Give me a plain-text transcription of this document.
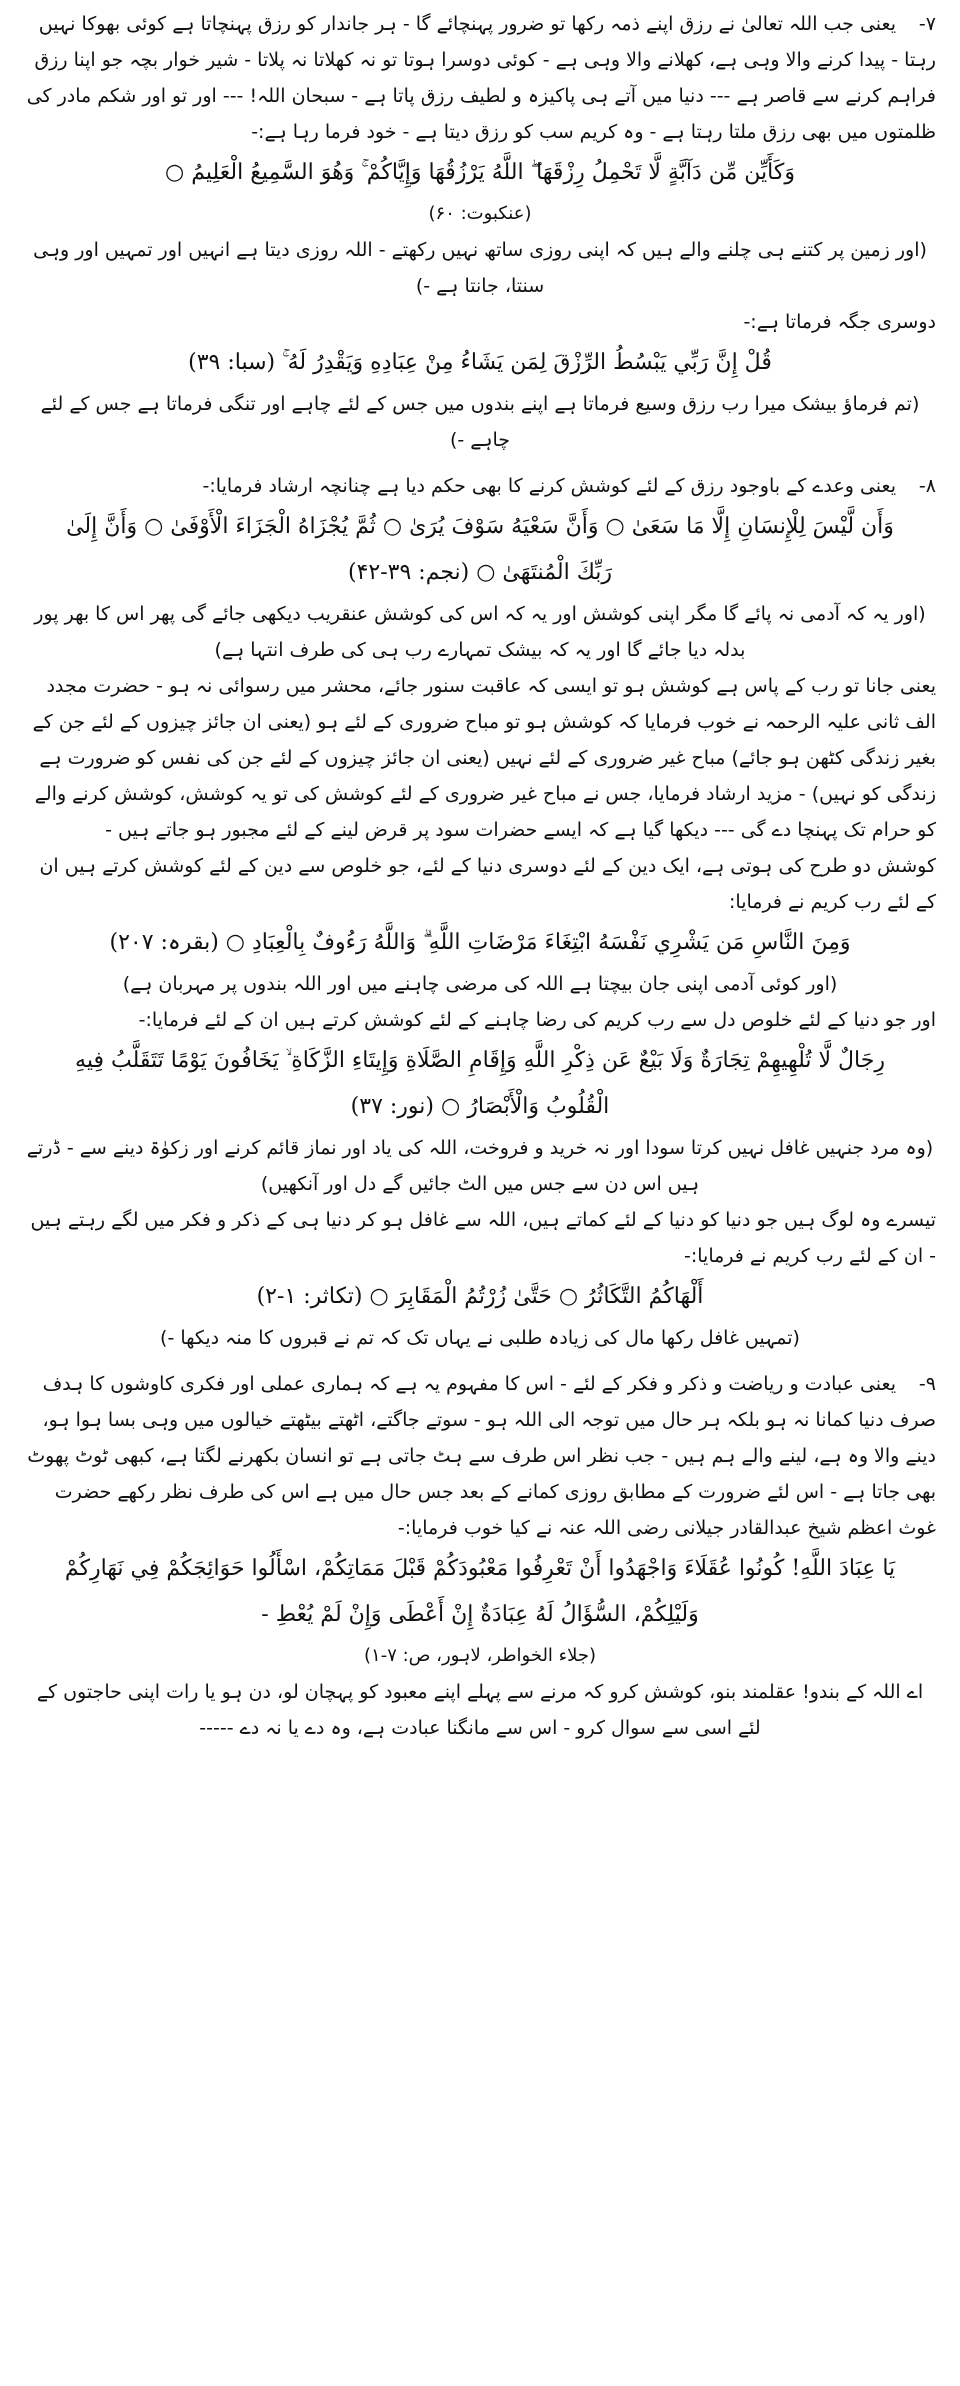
۷-یعنی جب اللہ تعالیٰ نے رزق اپنے ذمہ رکھا تو ضرور پہنچائے گا - ہر جاندار کو رزق پہنچاتا ہے کوئی بھوکا نہیں رہتا - پیدا کرنے والا وہی ہے، کھلانے والا وہی ہے - کوئی دوسرا ہوتا تو نہ کھلاتا نہ پلاتا - شیر خوار بچہ جو اپنا رزق فراہم کرنے سے قاصر ہے --- دنیا میں آتے ہی پاکیزہ و لطیف رزق پاتا ہے - سبحان اللہ! --- اور تو اور شکم مادر کی ظلمتوں میں بھی رزق ملتا رہتا ہے - وہ کریم سب کو رزق دیتا ہے - خود فرما رہا ہے:-

وَكَأَيِّن مِّن دَآبَّةٍ لَّا تَحْمِلُ رِزْقَهَا ۖ اللَّهُ يَرْزُقُهَا وَإِيَّاكُمْ ۚ وَهُوَ السَّمِيعُ الْعَلِيمُ ○

(عنکبوت: ۶۰)

(اور زمین پر کتنے ہی چلنے والے ہیں کہ اپنی روزی ساتھ نہیں رکھتے - اللہ روزی دیتا ہے انہیں اور تمہیں اور وہی سنتا، جانتا ہے -)

دوسری جگہ فرماتا ہے:-

قُلْ إِنَّ رَبِّي يَبْسُطُ الرِّزْقَ لِمَن يَشَاءُ مِنْ عِبَادِهِ وَيَقْدِرُ لَهُ ۚ (سبا: ۳۹)

(تم فرماؤ بیشک میرا رب رزق وسیع فرماتا ہے اپنے بندوں میں جس کے لئے چاہے اور تنگی فرماتا ہے جس کے لئے چاہے -)

۸-یعنی وعدے کے باوجود رزق کے لئے کوشش کرنے کا بھی حکم دیا ہے چنانچہ ارشاد فرمایا:-

وَأَن لَّيْسَ لِلْإِنسَانِ إِلَّا مَا سَعَىٰ ○ وَأَنَّ سَعْيَهُ سَوْفَ يُرَىٰ ○ ثُمَّ يُجْزَاهُ الْجَزَاءَ الْأَوْفَىٰ ○ وَأَنَّ إِلَىٰ رَبِّكَ الْمُنتَهَىٰ ○ (نجم: ۳۹-۴۲)

(اور یہ کہ آدمی نہ پائے گا مگر اپنی کوشش اور یہ کہ اس کی کوشش عنقریب دیکھی جائے گی پھر اس کا بھر پور بدلہ دیا جائے گا اور یہ کہ بیشک تمہارے رب ہی کی طرف انتہا ہے)

یعنی جانا تو رب کے پاس ہے کوشش ہو تو ایسی کہ عاقبت سنور جائے، محشر میں رسوائی نہ ہو - حضرت مجدد الف ثانی علیہ الرحمہ نے خوب فرمایا کہ کوشش ہو تو مباح ضروری کے لئے ہو (یعنی ان جائز چیزوں کے لئے جن کے بغیر زندگی کٹھن ہو جائے) مباح غیر ضروری کے لئے نہیں (یعنی ان جائز چیزوں کے لئے جن کی نفس کو ضرورت ہے زندگی کو نہیں) - مزید ارشاد فرمایا، جس نے مباح غیر ضروری کے لئے کوشش کی تو یہ کوشش، کوشش کرنے والے کو حرام تک پہنچا دے گی --- دیکھا گیا ہے کہ ایسے حضرات سود پر قرض لینے کے لئے مجبور ہو جاتے ہیں -

کوشش دو طرح کی ہوتی ہے، ایک دین کے لئے دوسری دنیا کے لئے، جو خلوص سے دین کے لئے کوشش کرتے ہیں ان کے لئے رب کریم نے فرمایا:

وَمِنَ النَّاسِ مَن يَشْرِي نَفْسَهُ ابْتِغَاءَ مَرْضَاتِ اللَّهِ ۗ وَاللَّهُ رَءُوفٌ بِالْعِبَادِ ○ (بقرہ: ۲۰۷)

(اور کوئی آدمی اپنی جان بیچتا ہے اللہ کی مرضی چاہنے میں اور اللہ بندوں پر مہربان ہے)

اور جو دنیا کے لئے خلوص دل سے رب کریم کی رضا چاہنے کے لئے کوشش کرتے ہیں ان کے لئے فرمایا:-

رِجَالٌ لَّا تُلْهِيهِمْ تِجَارَةٌ وَلَا بَيْعٌ عَن ذِكْرِ اللَّهِ وَإِقَامِ الصَّلَاةِ وَإِيتَاءِ الزَّكَاةِ ۙ يَخَافُونَ يَوْمًا تَتَقَلَّبُ فِيهِ الْقُلُوبُ وَالْأَبْصَارُ ○ (نور: ۳۷)

(وہ مرد جنہیں غافل نہیں کرتا سودا اور نہ خرید و فروخت، اللہ کی یاد اور نماز قائم کرنے اور زکوٰۃ دینے سے - ڈرتے ہیں اس دن سے جس میں الٹ جائیں گے دل اور آنکھیں)

تیسرے وہ لوگ ہیں جو دنیا کو دنیا کے لئے کماتے ہیں، اللہ سے غافل ہو کر دنیا ہی کے ذکر و فکر میں لگے رہتے ہیں - ان کے لئے رب کریم نے فرمایا:-

أَلْهَاكُمُ التَّكَاثُرُ ○ حَتَّىٰ زُرْتُمُ الْمَقَابِرَ ○ (تکاثر: ۱-۲)

(تمہیں غافل رکھا مال کی زیادہ طلبی نے یہاں تک کہ تم نے قبروں کا منہ دیکھا -)

۹-یعنی عبادت و ریاضت و ذکر و فکر کے لئے - اس کا مفہوم یہ ہے کہ ہماری عملی اور فکری کاوشوں کا ہدف صرف دنیا کمانا نہ ہو بلکہ ہر حال میں توجہ الی اللہ ہو - سوتے جاگتے، اٹھتے بیٹھتے خیالوں میں وہی بسا ہوا ہو، دینے والا وہ ہے، لینے والے ہم ہیں - جب نظر اس طرف سے ہٹ جاتی ہے تو انسان بکھرنے لگتا ہے، کبھی ٹوٹ پھوٹ بھی جاتا ہے - اس لئے ضرورت کے مطابق روزی کمانے کے بعد جس حال میں ہے اس کی طرف نظر رکھے حضرت غوث اعظم شیخ عبدالقادر جیلانی رضی اللہ عنہ نے کیا خوب فرمایا:-

يَا عِبَادَ اللَّهِ! كُونُوا عُقَلَاءَ وَاجْهَدُوا أَنْ تَعْرِفُوا مَعْبُودَكُمْ قَبْلَ مَمَاتِكُمْ، اسْأَلُوا حَوَائِجَكُمْ فِي نَهَارِكُمْ وَلَيْلِكُمْ، السُّؤَالُ لَهُ عِبَادَةٌ إِنْ أَعْطَى وَإِنْ لَمْ يُعْطِ -

(جلاء الخواطر، لاہور، ص: ۷-۱)

اے اللہ کے بندو! عقلمند بنو، کوشش کرو کہ مرنے سے پہلے اپنے معبود کو پہچان لو، دن ہو یا رات اپنی حاجتوں کے لئے اسی سے سوال کرو - اس سے مانگنا عبادت ہے، وہ دے یا نہ دے -----
